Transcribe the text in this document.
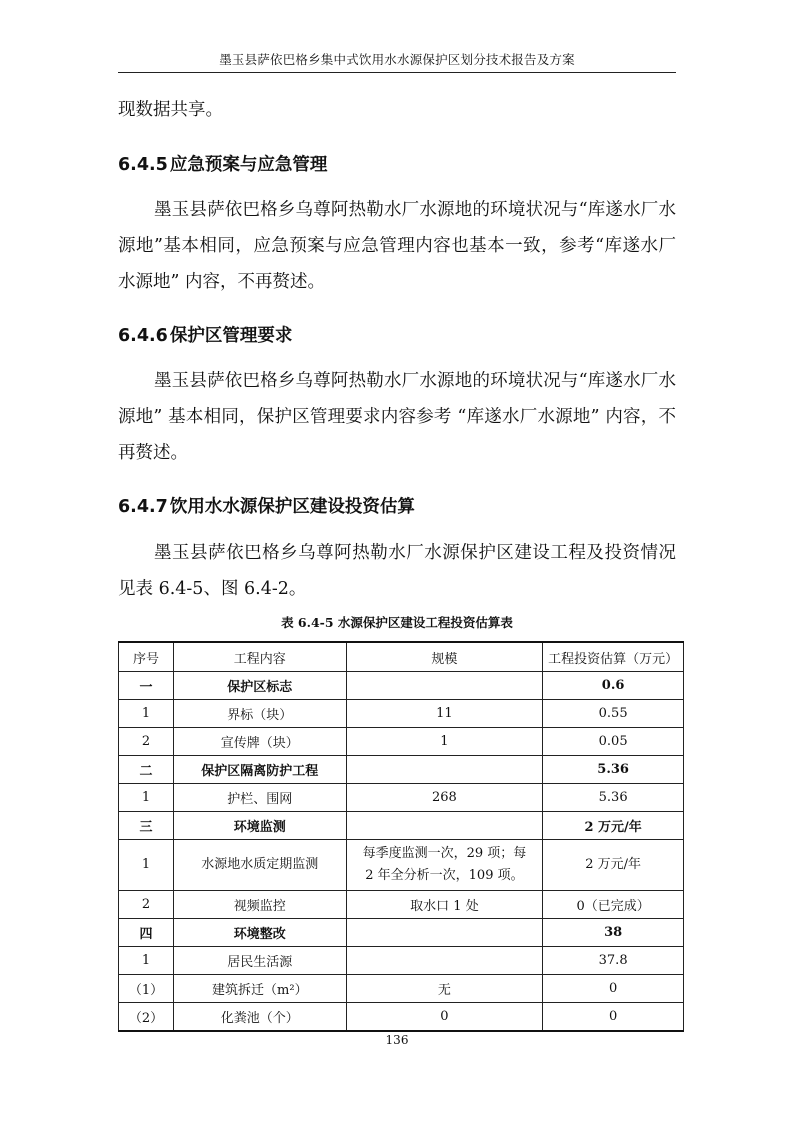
墨玉县萨依巴格乡集中式饮用水水源保护区划分技术报告及方案

现数据共享。

6.4.5 应急预案与应急管理

墨玉县萨依巴格乡乌尊阿热勒水厂水源地的环境状况与“库遂水厂水源地”基本相同，应急预案与应急管理内容也基本一致，参考“库遂水厂水源地” 内容，不再赘述。

6.4.6 保护区管理要求

墨玉县萨依巴格乡乌尊阿热勒水厂水源地的环境状况与“库遂水厂水源地” 基本相同，保护区管理要求内容参考 “库遂水厂水源地” 内容，不再赘述。

6.4.7 饮用水水源保护区建设投资估算

墨玉县萨依巴格乡乌尊阿热勒水厂水源保护区建设工程及投资情况见表 6.4-5、图 6.4-2。

表 6.4-5 水源保护区建设工程投资估算表
序号	工程内容	规模	工程投资估算（万元）
一	保护区标志		0.6
1	界标（块）	11	0.55
2	宣传牌（块）	1	0.05
二	保护区隔离防护工程		5.36
1	护栏、围网	268	5.36
三	环境监测		2 万元/年
1	水源地水质定期监测	每季度监测一次，29 项；每 2 年全分析一次，109 项。	2 万元/年
2	视频监控	取水口 1 处	0（已完成）
四	环境整改		38
1	居民生活源		37.8
（1）	建筑拆迁（m²）	无	0
（2）	化粪池（个）	0	0
136
